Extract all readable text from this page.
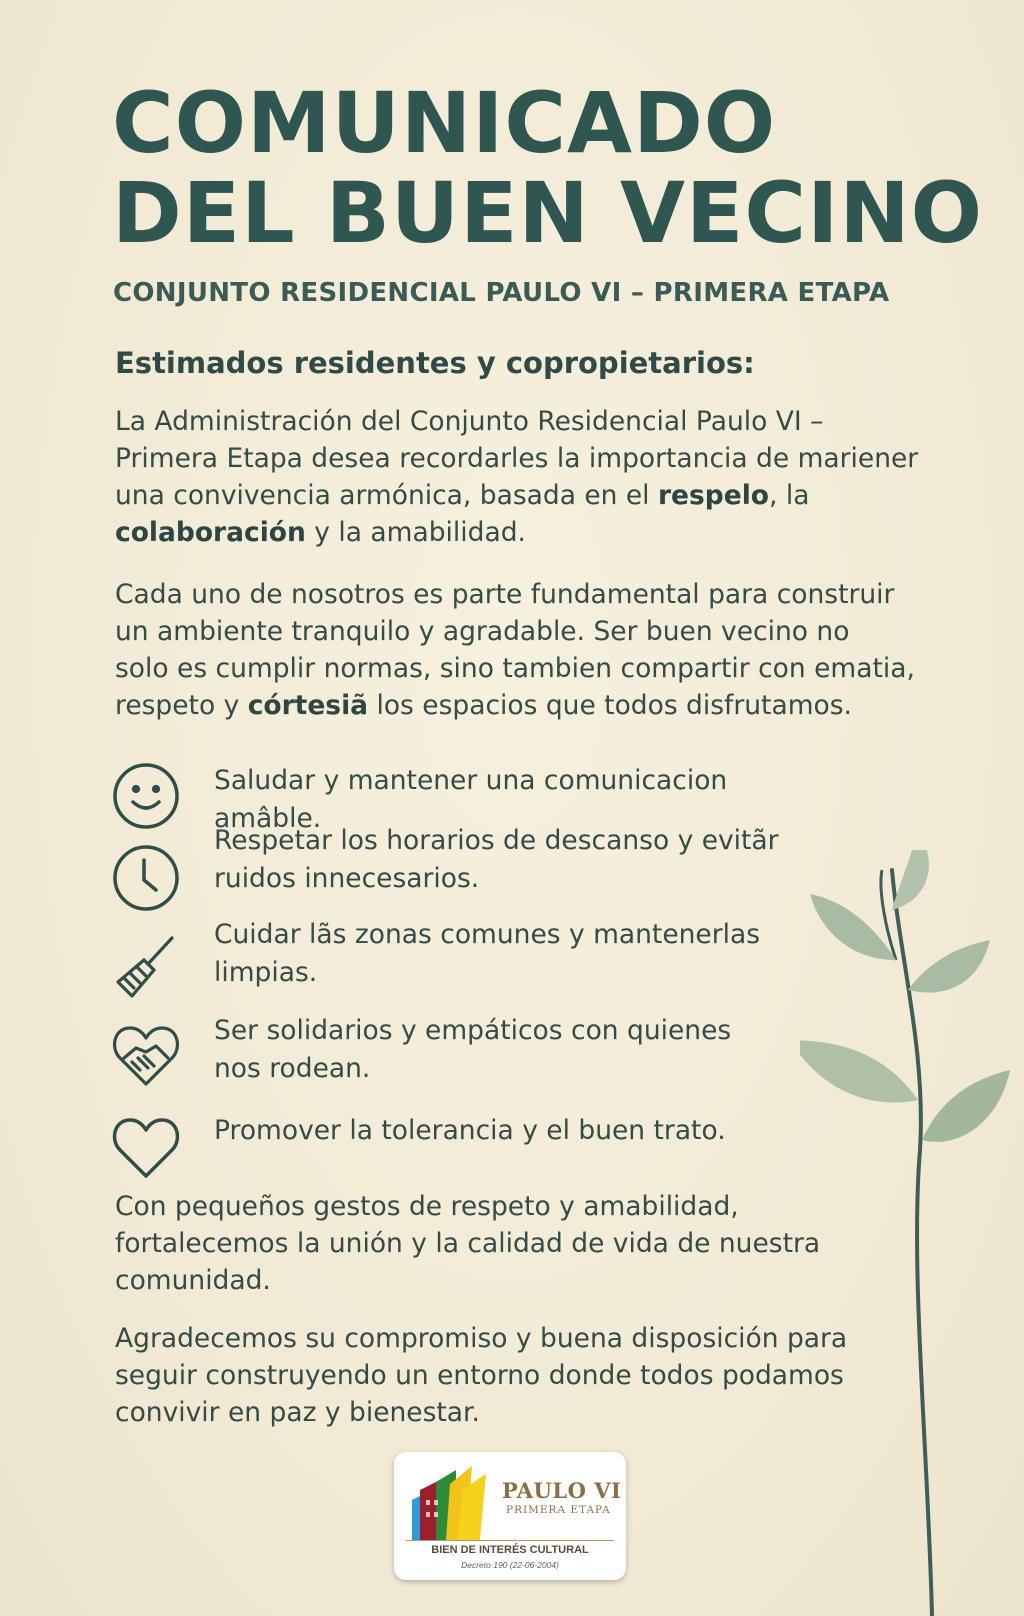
COMUNICADO
DEL BUEN VECINO
CONJUNTO RESIDENCIAL PAULO VI – PRIMERA ETAPA

Estimados residentes y copropietarios:

La Administración del Conjunto Residencial Paulo VI –
Primera Etapa desea recordarles la importancia de mariener
una convivencia armónica, basada en el respelo, la
colaboración y la amabilidad.

Cada uno de nosotros es parte fundamental para construir
un ambiente tranquilo y agradable. Ser buen vecino no
solo es cumplir normas, sino tambien compartir con ematia,
respeto y córtesiã los espacios que todos disfrutamos.

Saludar y mantener una comunicacion amâble.
Respetar los horarios de descanso y evitãr
ruidos innecesarios.
Cuidar lãs zonas comunes y mantenerlas
limpias.
Ser solidarios y empáticos con quienes
nos rodean.
Promover la tolerancia y el buen trato.

Con pequeños gestos de respeto y amabilidad,
fortalecemos la unión y la calidad de vida de nuestra
comunidad.

Agradecemos su compromiso y buena disposición para
seguir construyendo un entorno donde todos podamos
convivir en paz y bienestar.

PAULO VI
PRIMERA ETAPA
BIEN DE INTERÉS CULTURAL
Decreto 190 (22-06-2004)
